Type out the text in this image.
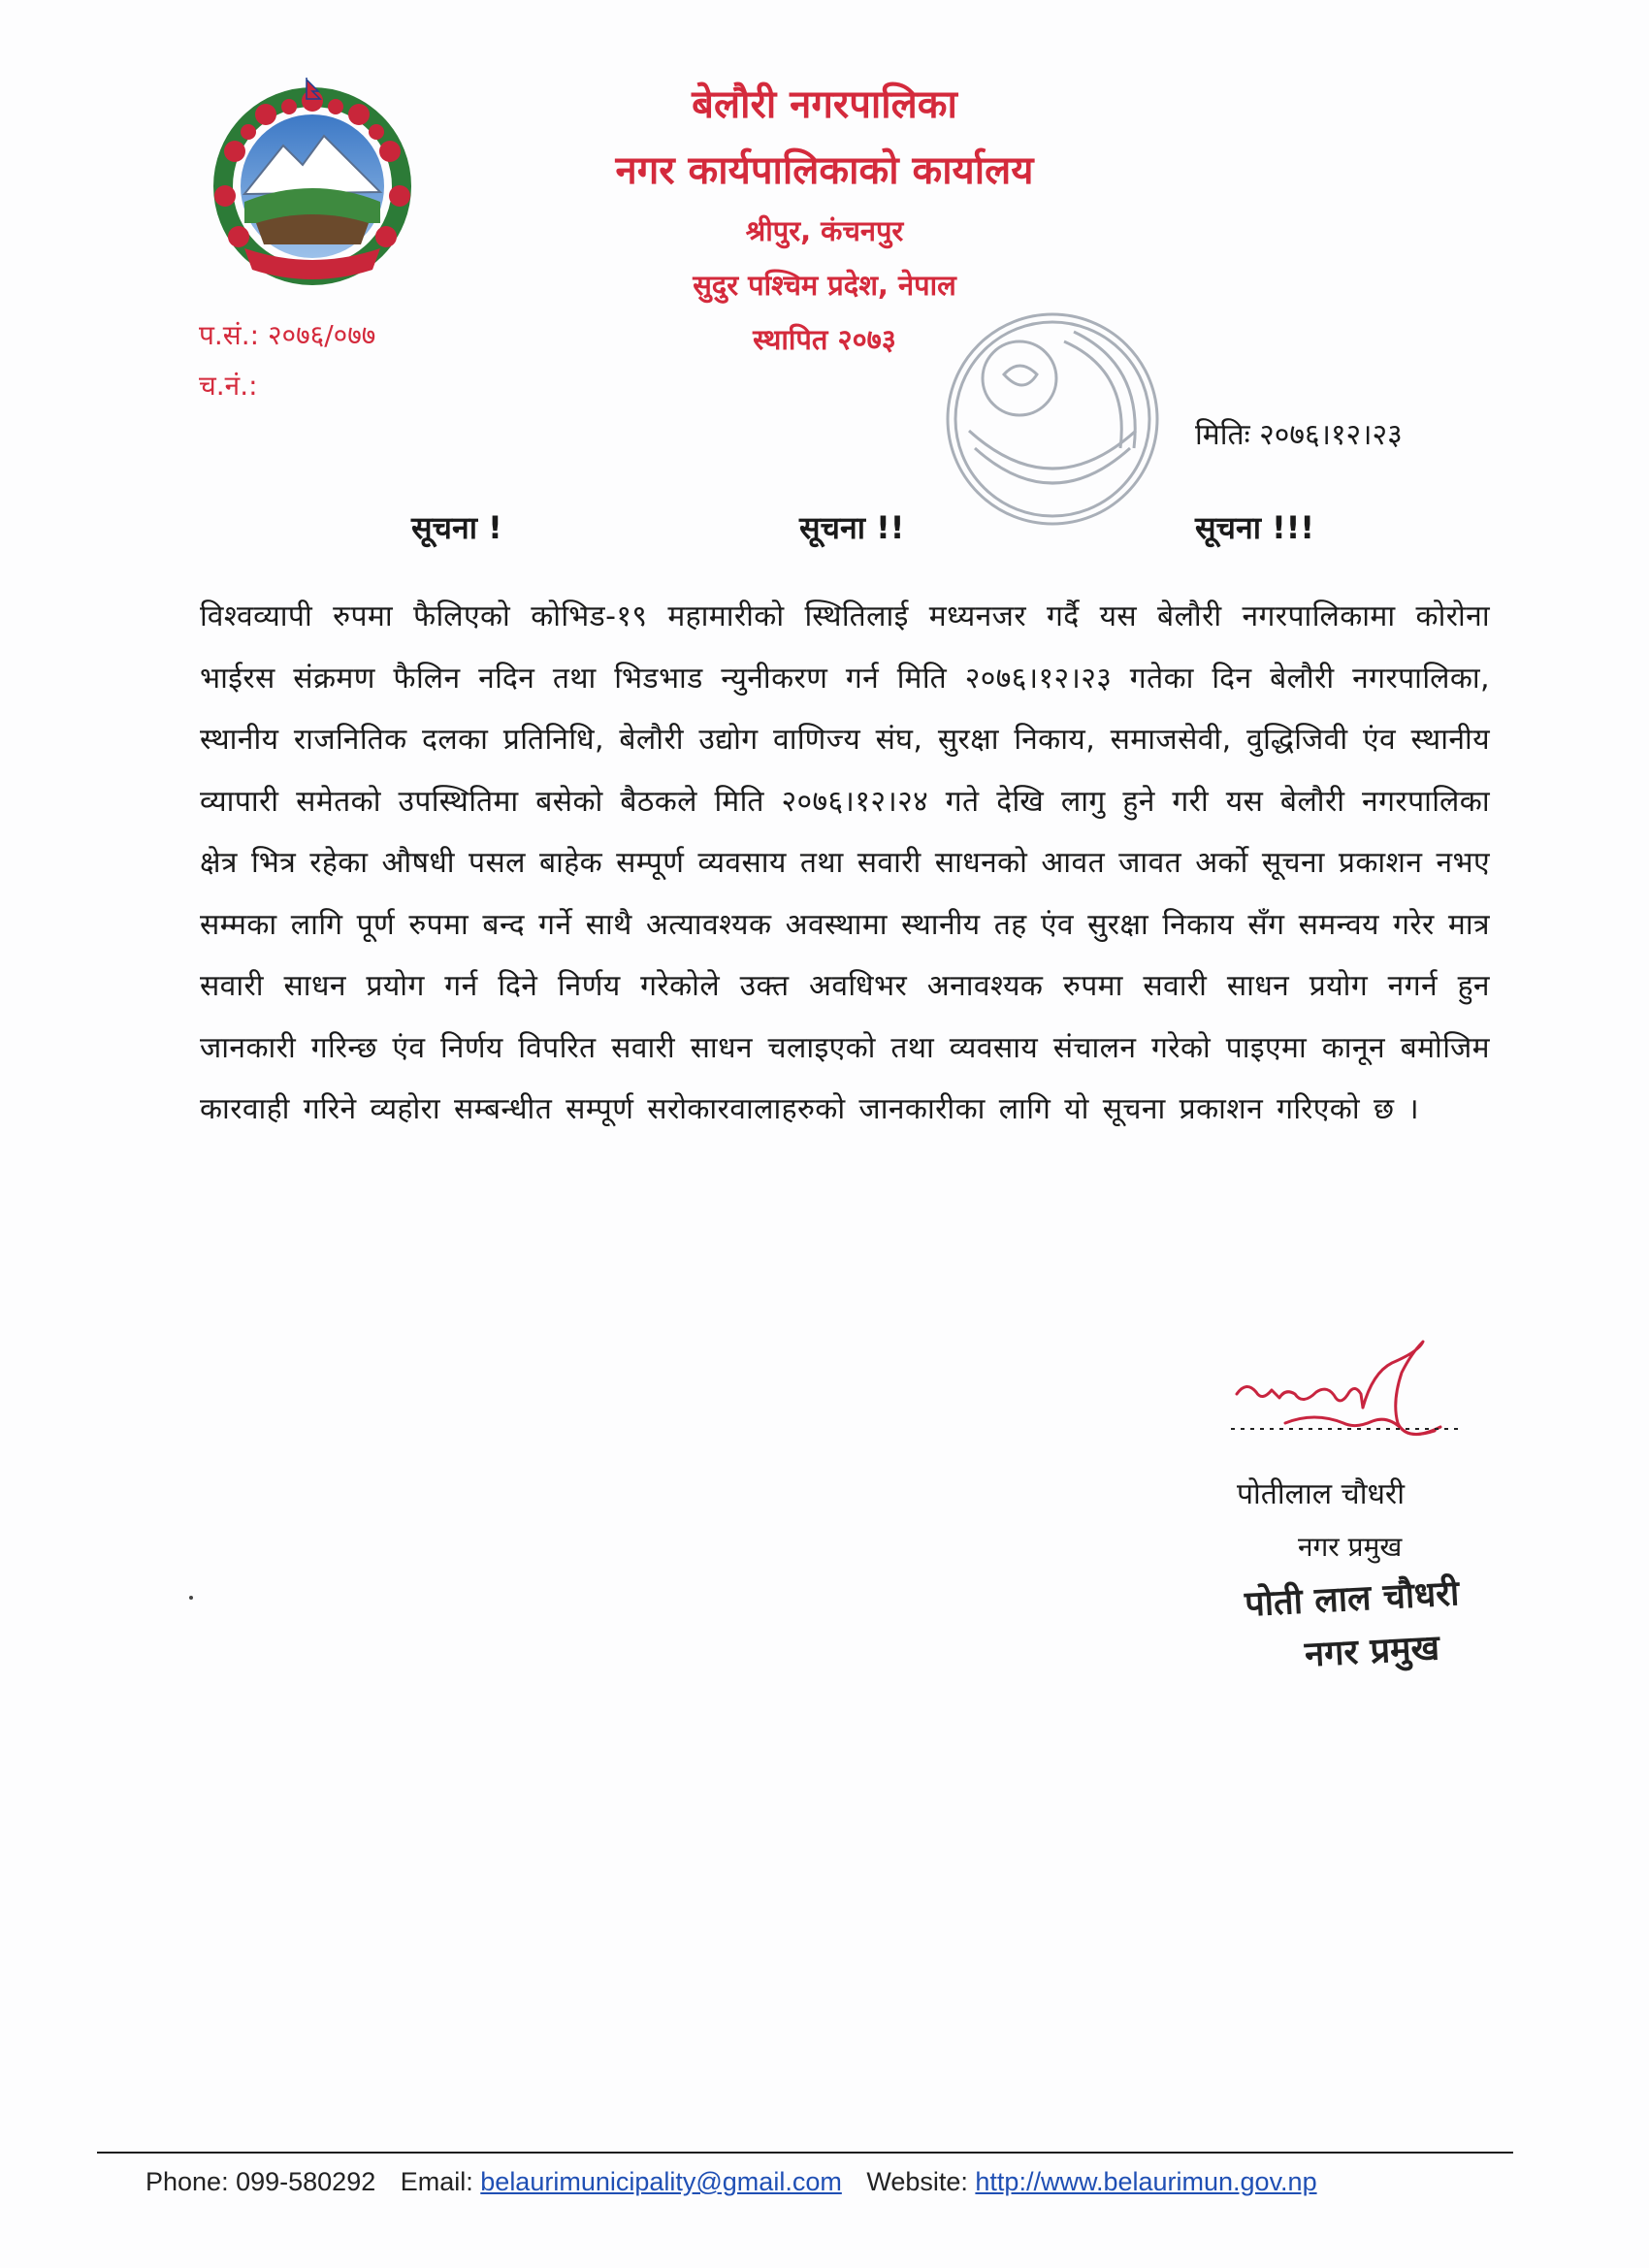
बेलौरी नगरपालिका
नगर कार्यपालिकाको कार्यालय
श्रीपुर, कंचनपुर
सुदुर पश्चिम प्रदेश, नेपाल
स्थापित २०७३
प.सं.: २०७६/०७७
च.नं.:
मितिः २०७६।१२।२३
सूचना !	सूचना !!	सूचना !!!
विश्वव्यापी रुपमा फैलिएको कोभिड-१९ महामारीको स्थितिलाई मध्यनजर गर्दै यस बेलौरी नगरपालिकामा कोरोना भाईरस संक्रमण फैलिन नदिन तथा भिडभाड न्युनीकरण गर्न मिति २०७६।१२।२३ गतेका दिन बेलौरी नगरपालिका, स्थानीय राजनितिक दलका प्रतिनिधि, बेलौरी उद्योग वाणिज्य संघ, सुरक्षा निकाय, समाजसेवी, वुद्धिजिवी एंव स्थानीय व्यापारी समेतको उपस्थितिमा बसेको बैठकले मिति २०७६।१२।२४ गते देखि लागु हुने गरी यस बेलौरी नगरपालिका क्षेत्र भित्र रहेका औषधी पसल बाहेक सम्पूर्ण व्यवसाय तथा सवारी साधनको आवत जावत अर्को सूचना प्रकाशन नभए सम्मका लागि पूर्ण रुपमा बन्द गर्ने साथै अत्यावश्यक अवस्थामा स्थानीय तह एंव सुरक्षा निकाय सँग समन्वय गरेर मात्र सवारी साधन प्रयोग गर्न दिने निर्णय गरेकोले उक्त अवधिभर अनावश्यक रुपमा सवारी साधन प्रयोग नगर्न हुन जानकारी गरिन्छ एंव निर्णय विपरित सवारी साधन चलाइएको तथा व्यवसाय संचालन गरेको पाइएमा कानून बमोजिम कारवाही गरिने व्यहोरा सम्बन्धीत सम्पूर्ण सरोकारवालाहरुको जानकारीका लागि यो सूचना प्रकाशन गरिएको छ ।
पोतीलाल चौधरी
नगर प्रमुख
पोती लाल चौधरी
नगर प्रमुख
Phone: 099-580292 Email: belaurimunicipality@gmail.com Website: http://www.belaurimun.gov.np
